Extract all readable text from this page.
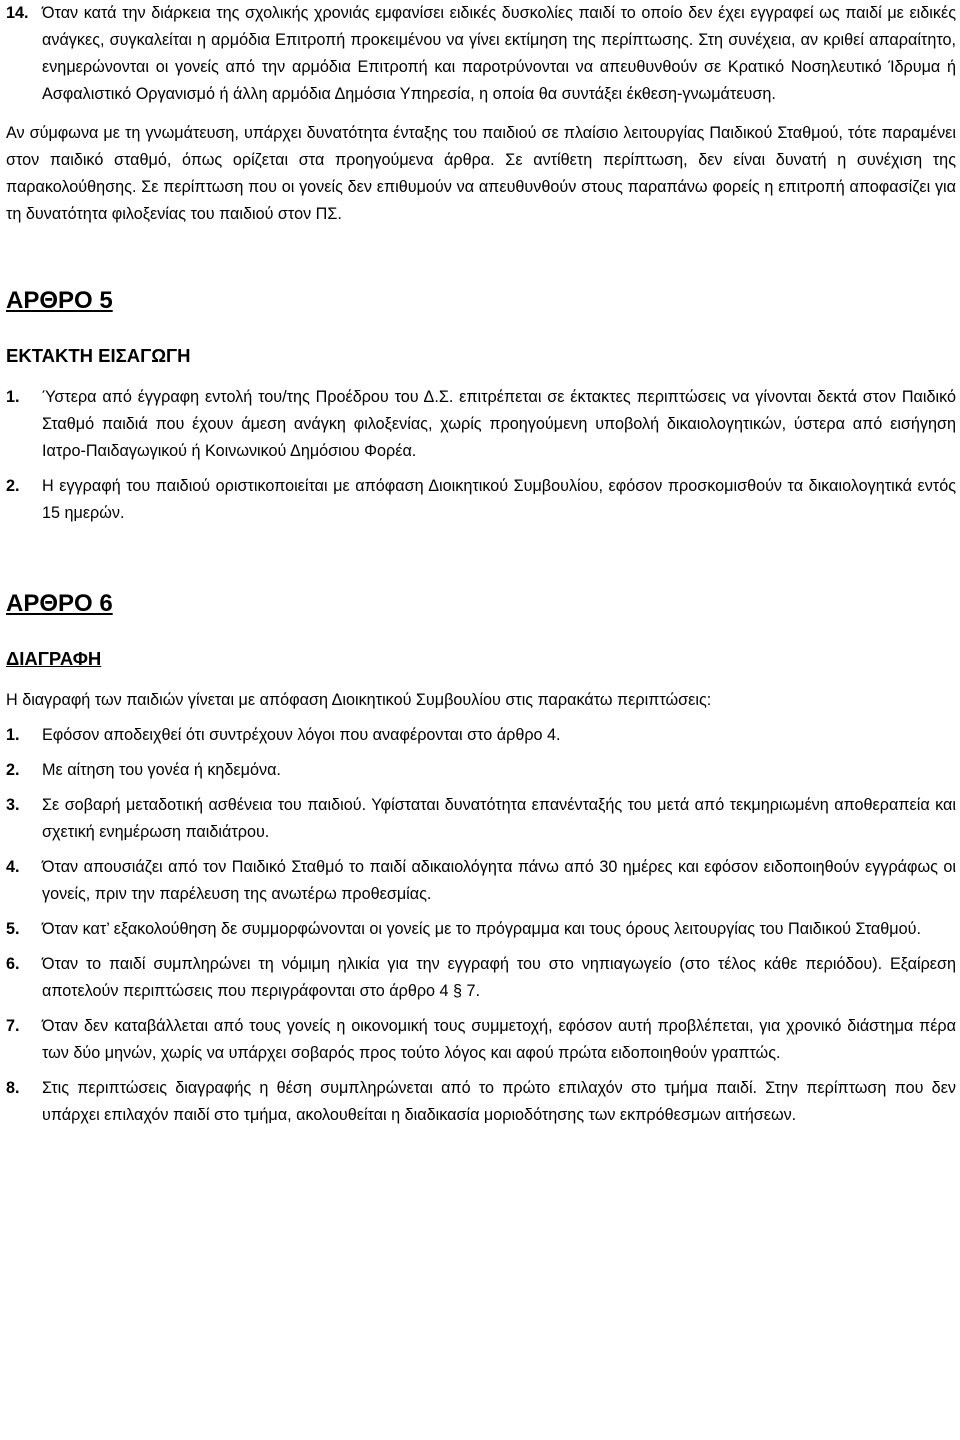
14. Όταν κατά την διάρκεια της σχολικής χρονιάς εμφανίσει ειδικές δυσκολίες παιδί το οποίο δεν έχει εγγραφεί ως παιδί με ειδικές ανάγκες, συγκαλείται η αρμόδια Επιτροπή προκειμένου να γίνει εκτίμηση της περίπτωσης. Στη συνέχεια, αν κριθεί απαραίτητο, ενημερώνονται οι γονείς από την αρμόδια Επιτροπή και παροτρύνονται να απευθυνθούν σε Κρατικό Νοσηλευτικό Ίδρυμα ή Ασφαλιστικό Οργανισμό ή άλλη αρμόδια Δημόσια Υπηρεσία, η οποία θα συντάξει έκθεση-γνωμάτευση.

Αν σύμφωνα με τη γνωμάτευση, υπάρχει δυνατότητα ένταξης του παιδιού σε πλαίσιο λειτουργίας Παιδικού Σταθμού, τότε παραμένει στον παιδικό σταθμό, όπως ορίζεται στα προηγούμενα άρθρα. Σε αντίθετη περίπτωση, δεν είναι δυνατή η συνέχιση της παρακολούθησης. Σε περίπτωση που οι γονείς δεν επιθυμούν να απευθυνθούν στους παραπάνω φορείς η επιτροπή αποφασίζει για τη δυνατότητα φιλοξενίας του παιδιού στον ΠΣ.

ΑΡΘΡΟ 5
ΕΚΤΑΚΤΗ ΕΙΣΑΓΩΓΗ
1.	Ύστερα από έγγραφη εντολή του/της Προέδρου του Δ.Σ. επιτρέπεται σε έκτακτες περιπτώσεις να γίνονται δεκτά στον Παιδικό Σταθμό παιδιά που έχουν άμεση ανάγκη φιλοξενίας, χωρίς προηγούμενη υποβολή δικαιολογητικών, ύστερα από εισήγηση Ιατρο-Παιδαγωγικού ή Κοινωνικού Δημόσιου Φορέα.
2.	Η εγγραφή του παιδιού οριστικοποιείται με απόφαση Διοικητικού Συμβουλίου, εφόσον προσκομισθούν τα δικαιολογητικά εντός 15 ημερών.
ΑΡΘΡΟ 6
ΔΙΑΓΡΑΦΗ

Η διαγραφή των παιδιών γίνεται με απόφαση Διοικητικού Συμβουλίου στις παρακάτω περιπτώσεις:

1.	Εφόσον αποδειχθεί ότι συντρέχουν λόγοι που αναφέρονται στο άρθρο 4.
2.	Με αίτηση του γονέα ή κηδεμόνα.
3.	Σε σοβαρή μεταδοτική ασθένεια του παιδιού. Υφίσταται δυνατότητα επανένταξής του μετά από τεκμηριωμένη αποθεραπεία και σχετική ενημέρωση παιδιάτρου.
4.	Όταν απουσιάζει από τον Παιδικό Σταθμό το παιδί αδικαιολόγητα πάνω από 30 ημέρες και εφόσον ειδοποιηθούν εγγράφως οι γονείς, πριν την παρέλευση της ανωτέρω προθεσμίας.
5.	Όταν κατ’ εξακολούθηση δε συμμορφώνονται οι γονείς με το πρόγραμμα και τους όρους λειτουργίας του Παιδικού Σταθμού.
6.	Όταν το παιδί συμπληρώνει τη νόμιμη ηλικία για την εγγραφή του στο νηπιαγωγείο (στο τέλος κάθε περιόδου). Εξαίρεση αποτελούν περιπτώσεις που περιγράφονται στο άρθρο 4 § 7.
7.	Όταν δεν καταβάλλεται από τους γονείς η οικονομική τους συμμετοχή, εφόσον αυτή προβλέπεται, για χρονικό διάστημα πέρα των δύο μηνών, χωρίς να υπάρχει σοβαρός προς τούτο λόγος και αφού πρώτα ειδοποιηθούν γραπτώς.
8.	Στις περιπτώσεις διαγραφής η θέση συμπληρώνεται από το πρώτο επιλαχόν στο τμήμα παιδί. Στην περίπτωση που δεν υπάρχει επιλαχόν παιδί στο τμήμα, ακολουθείται η διαδικασία μοριοδότησης των εκπρόθεσμων αιτήσεων.
